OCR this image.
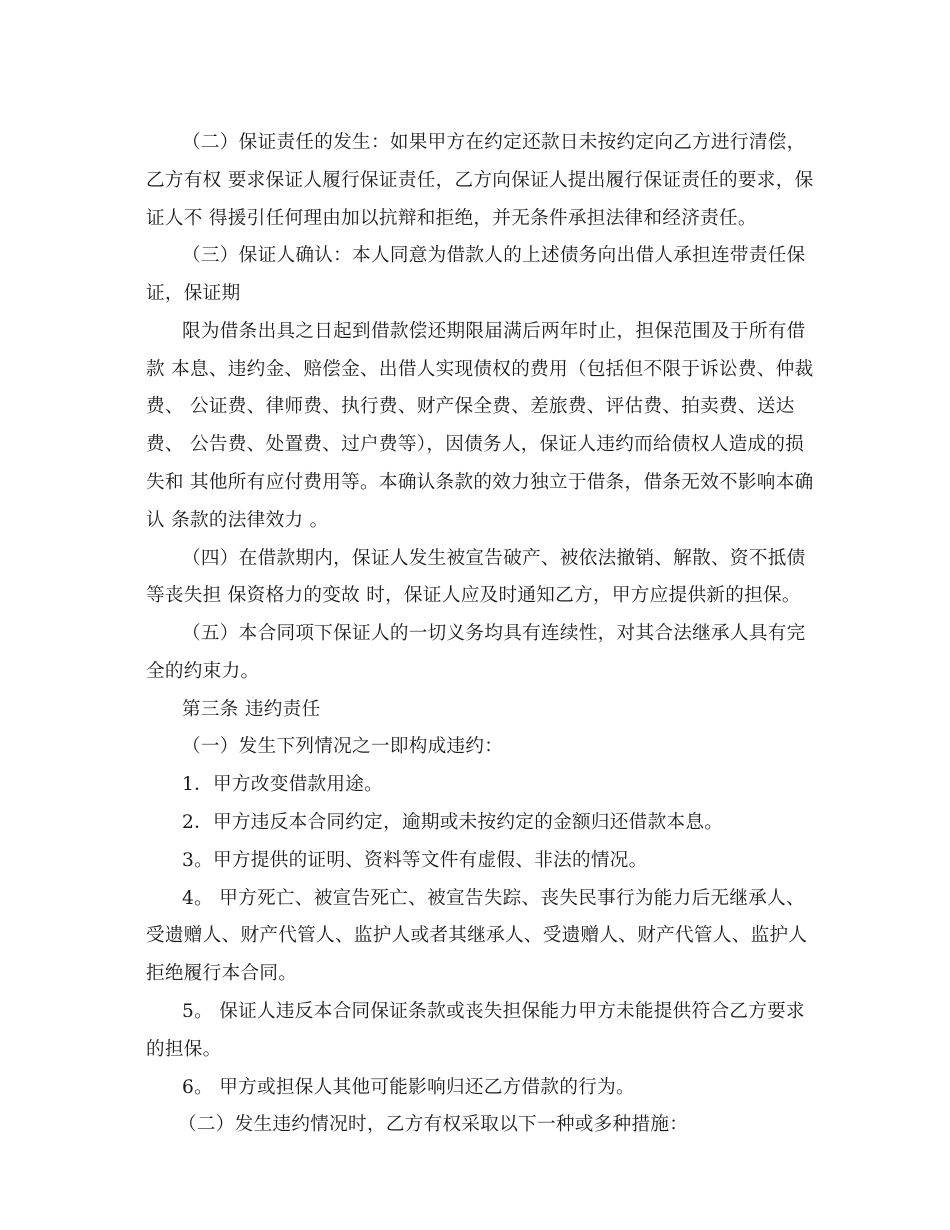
（二）保证责任的发生：如果甲方在约定还款日未按约定向乙方进行清偿，
乙方有权 要求保证人履行保证责任，乙方向保证人提出履行保证责任的要求，保
证人不 得援引任何理由加以抗辩和拒绝，并无条件承担法律和经济责任。
（三）保证人确认：本人同意为借款人的上述债务向出借人承担连带责任保
证，保证期
限为借条出具之日起到借款偿还期限届满后两年时止，担保范围及于所有借
款 本息、违约金、赔偿金、出借人实现债权的费用（包括但不限于诉讼费、仲裁
费、 公证费、律师费、执行费、财产保全费、差旅费、评估费、拍卖费、送达
费、 公告费、处置费、过户费等），因债务人，保证人违约而给债权人造成的损
失和 其他所有应付费用等。本确认条款的效力独立于借条，借条无效不影响本确
认 条款的法律效力 。
（四）在借款期内，保证人发生被宣告破产、被依法撤销、解散、资不抵债
等丧失担 保资格力的变故 时，保证人应及时通知乙方，甲方应提供新的担保。
（五）本合同项下保证人的一切义务均具有连续性，对其合法继承人具有完
全的约束力。
第三条 违约责任
（一）发生下列情况之一即构成违约：
1．甲方改变借款用途。
2．甲方违反本合同约定，逾期或未按约定的金额归还借款本息。
3。甲方提供的证明、资料等文件有虚假、非法的情况。
4。 甲方死亡、被宣告死亡、被宣告失踪、丧失民事行为能力后无继承人、
受遗赠人、财产代管人、监护人或者其继承人、受遗赠人、财产代管人、监护人
拒绝履行本合同。
5。 保证人违反本合同保证条款或丧失担保能力甲方未能提供符合乙方要求
的担保。
6。 甲方或担保人其他可能影响归还乙方借款的行为。
（二）发生违约情况时，乙方有权采取以下一种或多种措施：
